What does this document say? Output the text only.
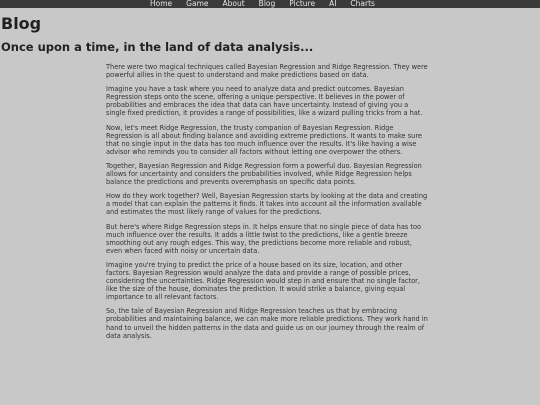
Home Game About Blog Picture AI Charts
Blog
Once upon a time, in the land of data analysis...

There were two magical techniques called Bayesian Regression and Ridge Regression. They were powerful allies in the quest to understand and make predictions based on data.

Imagine you have a task where you need to analyze data and predict outcomes. Bayesian Regression steps onto the scene, offering a unique perspective. It believes in the power of probabilities and embraces the idea that data can have uncertainty. Instead of giving you a single fixed prediction, it provides a range of possibilities, like a wizard pulling tricks from a hat.

Now, let's meet Ridge Regression, the trusty companion of Bayesian Regression. Ridge Regression is all about finding balance and avoiding extreme predictions. It wants to make sure that no single input in the data has too much influence over the results. It's like having a wise advisor who reminds you to consider all factors without letting one overpower the others.

Together, Bayesian Regression and Ridge Regression form a powerful duo. Bayesian Regression allows for uncertainty and considers the probabilities involved, while Ridge Regression helps balance the predictions and prevents overemphasis on specific data points.

How do they work together? Well, Bayesian Regression starts by looking at the data and creating a model that can explain the patterns it finds. It takes into account all the information available and estimates the most likely range of values for the predictions.

But here's where Ridge Regression steps in. It helps ensure that no single piece of data has too much influence over the results. It adds a little twist to the predictions, like a gentle breeze smoothing out any rough edges. This way, the predictions become more reliable and robust, even when faced with noisy or uncertain data.

Imagine you're trying to predict the price of a house based on its size, location, and other factors. Bayesian Regression would analyze the data and provide a range of possible prices, considering the uncertainties. Ridge Regression would step in and ensure that no single factor, like the size of the house, dominates the prediction. It would strike a balance, giving equal importance to all relevant factors.

So, the tale of Bayesian Regression and Ridge Regression teaches us that by embracing probabilities and maintaining balance, we can make more reliable predictions. They work hand in hand to unveil the hidden patterns in the data and guide us on our journey through the realm of data analysis.
